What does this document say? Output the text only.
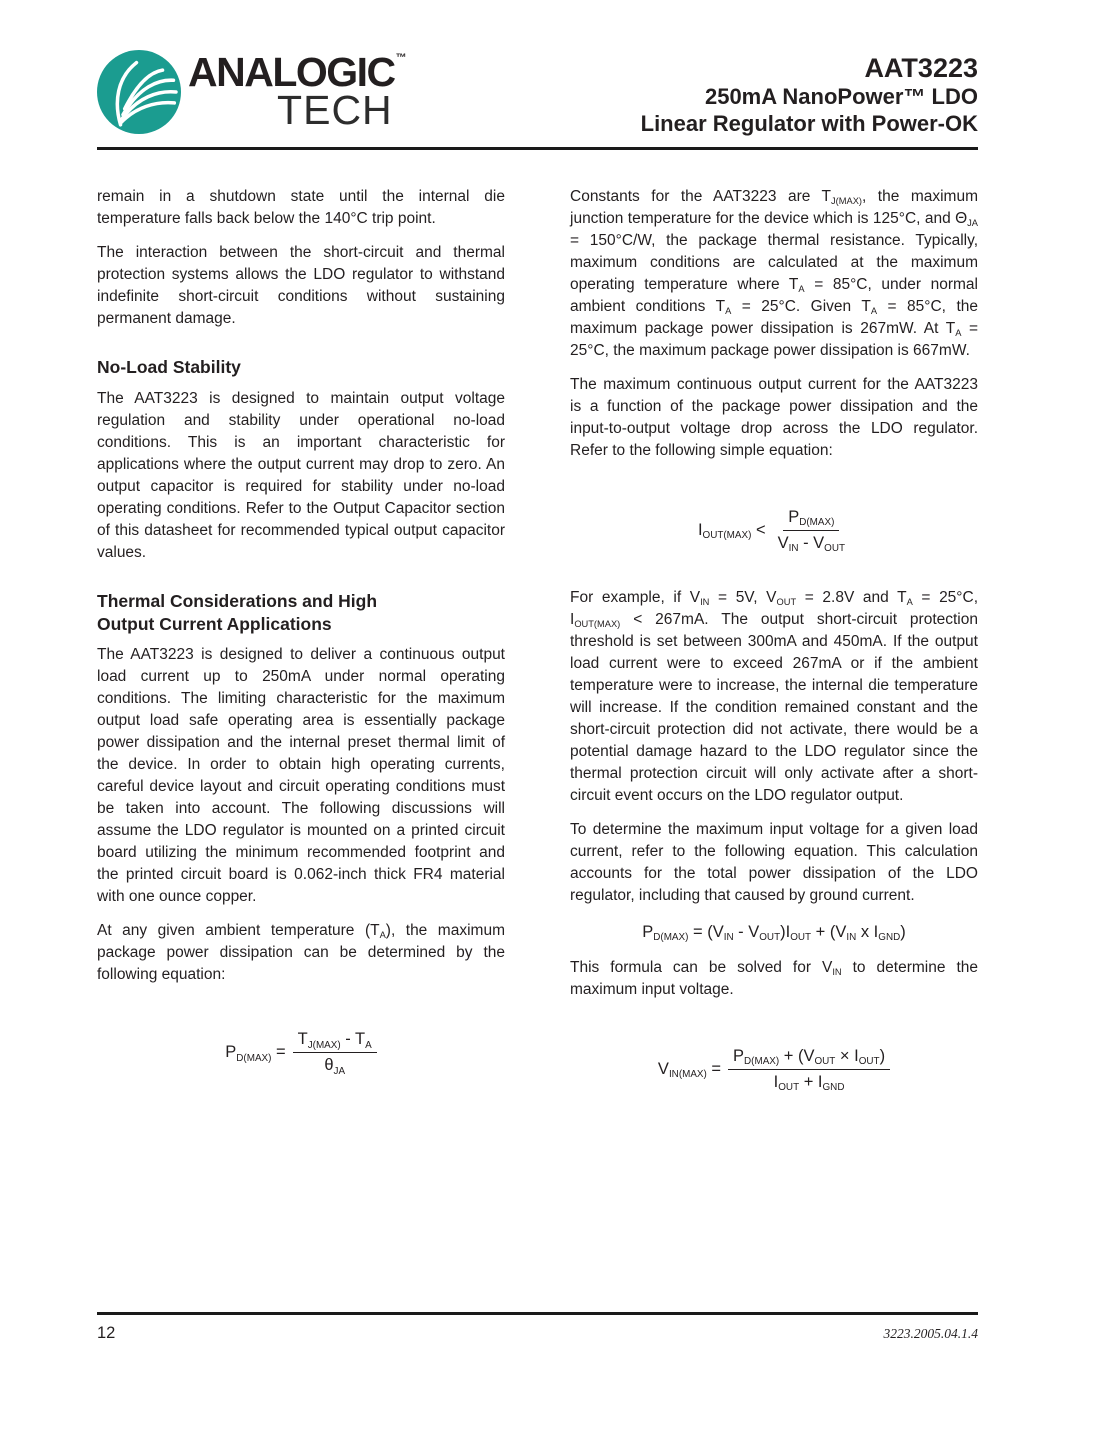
ANALOGIC ™
TECH
AAT3223
250mA NanoPower™ LDO
Linear Regulator with Power-OK

remain in a shutdown state until the internal die temperature falls back below the 140°C trip point.

The interaction between the short-circuit and thermal protection systems allows the LDO regulator to withstand indefinite short-circuit conditions without sustaining permanent damage.

No-Load Stability

The AAT3223 is designed to maintain output voltage regulation and stability under operational no-load conditions. This is an important characteristic for applications where the output current may drop to zero. An output capacitor is required for stability under no-load operating conditions. Refer to the Output Capacitor section of this datasheet for recommended typical output capacitor values.

Thermal Considerations and High
Output Current Applications

The AAT3223 is designed to deliver a continuous output load current up to 250mA under normal operating conditions. The limiting characteristic for the maximum output load safe operating area is essentially package power dissipation and the internal preset thermal limit of the device. In order to obtain high operating currents, careful device layout and circuit operating conditions must be taken into account. The following discussions will assume the LDO regulator is mounted on a printed circuit board utilizing the minimum recommended footprint and the printed circuit board is 0.062-inch thick FR4 material with one ounce copper.

At any given ambient temperature $(T_A)$, the maximum package power dissipation can be determined by the following equation:

$P_{D(MAX)} = \frac{T_{J(MAX)} - T_A}{\theta_{JA}}$

Constants for the AAT3223 are $T_{J(MAX)}$, the maximum junction temperature for the device which is 125°C, and $\Theta_{JA} = 150^\circ C/W$, the package thermal resistance. Typically, maximum conditions are calculated at the maximum operating temperature where $T_A = 85^\circ C$, under normal ambient conditions $T_A = 25^\circ C$. Given $T_A = 85^\circ C$, the maximum package power dissipation is 267mW. At $T_A = 25^\circ C$, the maximum package power dissipation is 667mW.

The maximum continuous output current for the AAT3223 is a function of the package power dissipation and the input-to-output voltage drop across the LDO regulator. Refer to the following simple equation:

$I_{OUT(MAX)} < \frac{P_{D(MAX)}}{V_{IN} - V_{OUT}}$

For example, if $V_{IN} = 5V$, $V_{OUT} = 2.8V$ and $T_A = 25^\circ C$, $I_{OUT(MAX)} < 267mA$. The output short-circuit protection threshold is set between 300mA and 450mA. If the output load current were to exceed 267mA or if the ambient temperature were to increase, the internal die temperature will increase. If the condition remained constant and the short-circuit protection did not activate, there would be a potential damage hazard to the LDO regulator since the thermal protection circuit will only activate after a short-circuit event occurs on the LDO regulator output.

To determine the maximum input voltage for a given load current, refer to the following equation. This calculation accounts for the total power dissipation of the LDO regulator, including that caused by ground current.

$P_{D(MAX)} = (V_{IN} - V_{OUT})I_{OUT} + (V_{IN}$ x $I_{GND}$)

This formula can be solved for $V_{IN}$ to determine the maximum input voltage.

$V_{IN(MAX)} = \frac{P_{D(MAX)} + (V_{OUT} \times I_{OUT})}{I_{OUT} + I_{GND}}$
12	3223.2005.04.1.4
